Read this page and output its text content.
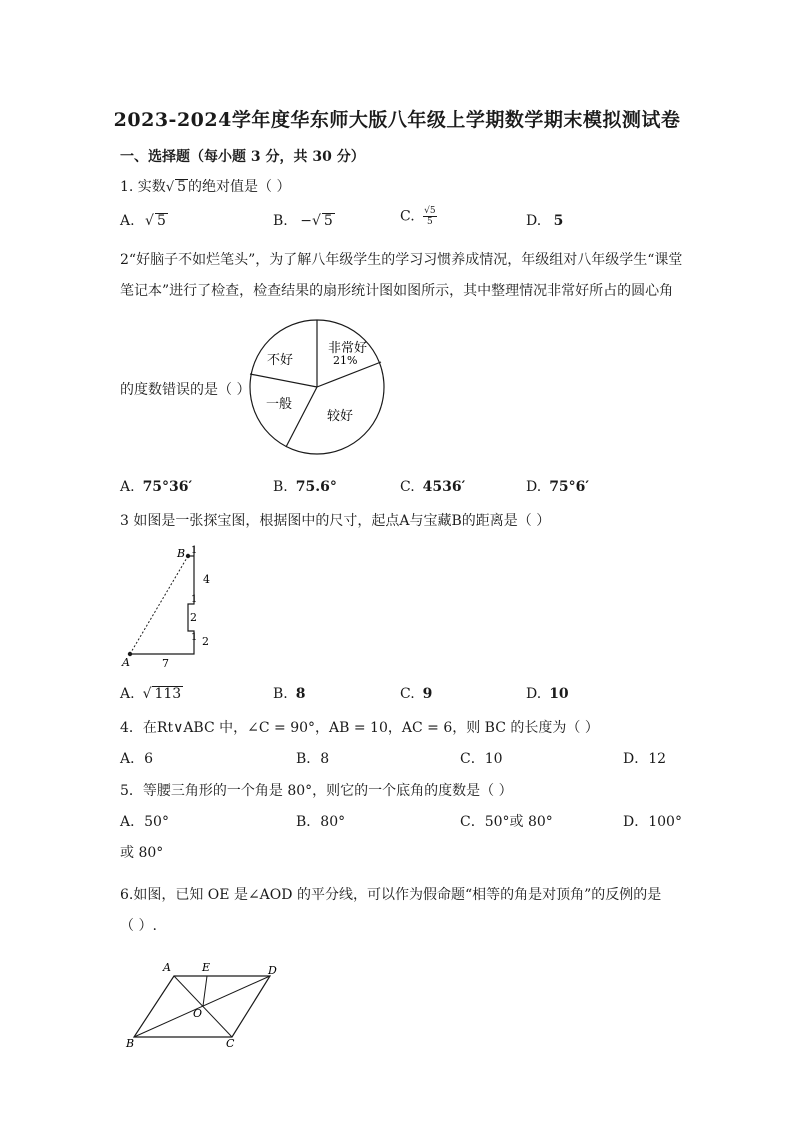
2023-2024学年度华东师大版八年级上学期数学期末模拟测试卷
一、选择题（每小题 3 分，共 30 分）
1. 实数√ 5 的绝对值是（ ）
A. √ 5	B. −√ 5	C. $\frac{√5}{5}$	D. 5
2“好脑子不如烂笔头”，为了解八年级学生的学习习惯养成情况，年级组对八年级学生“课堂
笔记本”进行了检查，检查结果的扇形统计图如图所示，其中整理情况非常好所占的圆心角
的度数错误的是（ ）
非常好
21%
较好
一般
不好
A. 75°36′	B. 75.6°	C. 4536′	D. 75°6′
3 如图是一张探宝图，根据图中的尺寸，起点A与宝藏B的距离是（ ）
B
A
1
4
1
2
1 2
7
A. √ 113	B. 8	C. 9	D. 10
4．在Rt∨ABC 中，∠C = 90°，AB = 10，AC = 6，则 BC 的长度为（ ）
A．6	B．8	C．10	D．12
5．等腰三角形的一个角是 80°，则它的一个底角的度数是（ ）
A．50°	B．80°	C．50°或 80°	D．100°
或 80°
6.如图，已知 OE 是∠AOD 的平分线，可以作为假命题“相等的角是对顶角”的反例的是
（ ）.
A	E	D
O
B	C
